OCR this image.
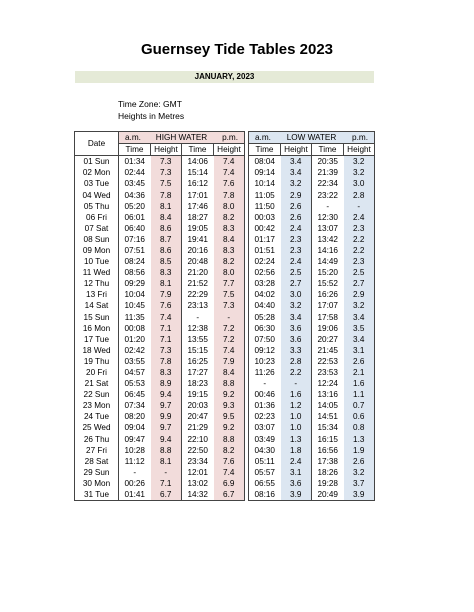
Guernsey Tide Tables 2023
JANUARY, 2023
Time Zone: GMT
Heights in Metres
Date	a.m. HIGH WATER p.m.					a.m. LOW WATER p.m.			

	Time	Height	Time	Height		Time	Height	Time	Height
01 Sun	01:34	7.3	14:06	7.4		08:04	3.4	20:35	3.2
02 Mon	02:44	7.3	15:14	7.4		09:14	3.4	21:39	3.2
03 Tue	03:45	7.5	16:12	7.6		10:14	3.2	22:34	3.0
04 Wed	04:36	7.8	17:01	7.8		11:05	2.9	23:22	2.8
05 Thu	05:20	8.1	17:46	8.0		11:50	2.6	-	-
06 Fri	06:01	8.4	18:27	8.2		00:03	2.6	12:30	2.4
07 Sat	06:40	8.6	19:05	8.3		00:42	2.4	13:07	2.3
08 Sun	07:16	8.7	19:41	8.4		01:17	2.3	13:42	2.2
09 Mon	07:51	8.6	20:16	8.3		01:51	2.3	14:16	2.2
10 Tue	08:24	8.5	20:48	8.2		02:24	2.4	14:49	2.3
11 Wed	08:56	8.3	21:20	8.0		02:56	2.5	15:20	2.5
12 Thu	09:29	8.1	21:52	7.7		03:28	2.7	15:52	2.7
13 Fri	10:04	7.9	22:29	7.5		04:02	3.0	16:26	2.9
14 Sat	10:45	7.6	23:13	7.3		04:40	3.2	17:07	3.2
15 Sun	11:35	7.4	-	-		05:28	3.4	17:58	3.4
16 Mon	00:08	7.1	12:38	7.2		06:30	3.6	19:06	3.5
17 Tue	01:20	7.1	13:55	7.2		07:50	3.6	20:27	3.4
18 Wed	02:42	7.3	15:15	7.4		09:12	3.3	21:45	3.1
19 Thu	03:55	7.8	16:25	7.9		10:23	2.8	22:53	2.6
20 Fri	04:57	8.3	17:27	8.4		11:26	2.2	23:53	2.1
21 Sat	05:53	8.9	18:23	8.8		-	-	12:24	1.6
22 Sun	06:45	9.4	19:15	9.2		00:46	1.6	13:16	1.1
23 Mon	07:34	9.7	20:03	9.3		01:36	1.2	14:05	0.7
24 Tue	08:20	9.9	20:47	9.5		02:23	1.0	14:51	0.6
25 Wed	09:04	9.7	21:29	9.2		03:07	1.0	15:34	0.8
26 Thu	09:47	9.4	22:10	8.8		03:49	1.3	16:15	1.3
27 Fri	10:28	8.8	22:50	8.2		04:30	1.8	16:56	1.9
28 Sat	11:12	8.1	23:34	7.6		05:11	2.4	17:38	2.6
29 Sun	-	-	12:01	7.4		05:57	3.1	18:26	3.2
30 Mon	00:26	7.1	13:02	6.9		06:55	3.6	19:28	3.7
31 Tue	01:41	6.7	14:32	6.7		08:16	3.9	20:49	3.9
